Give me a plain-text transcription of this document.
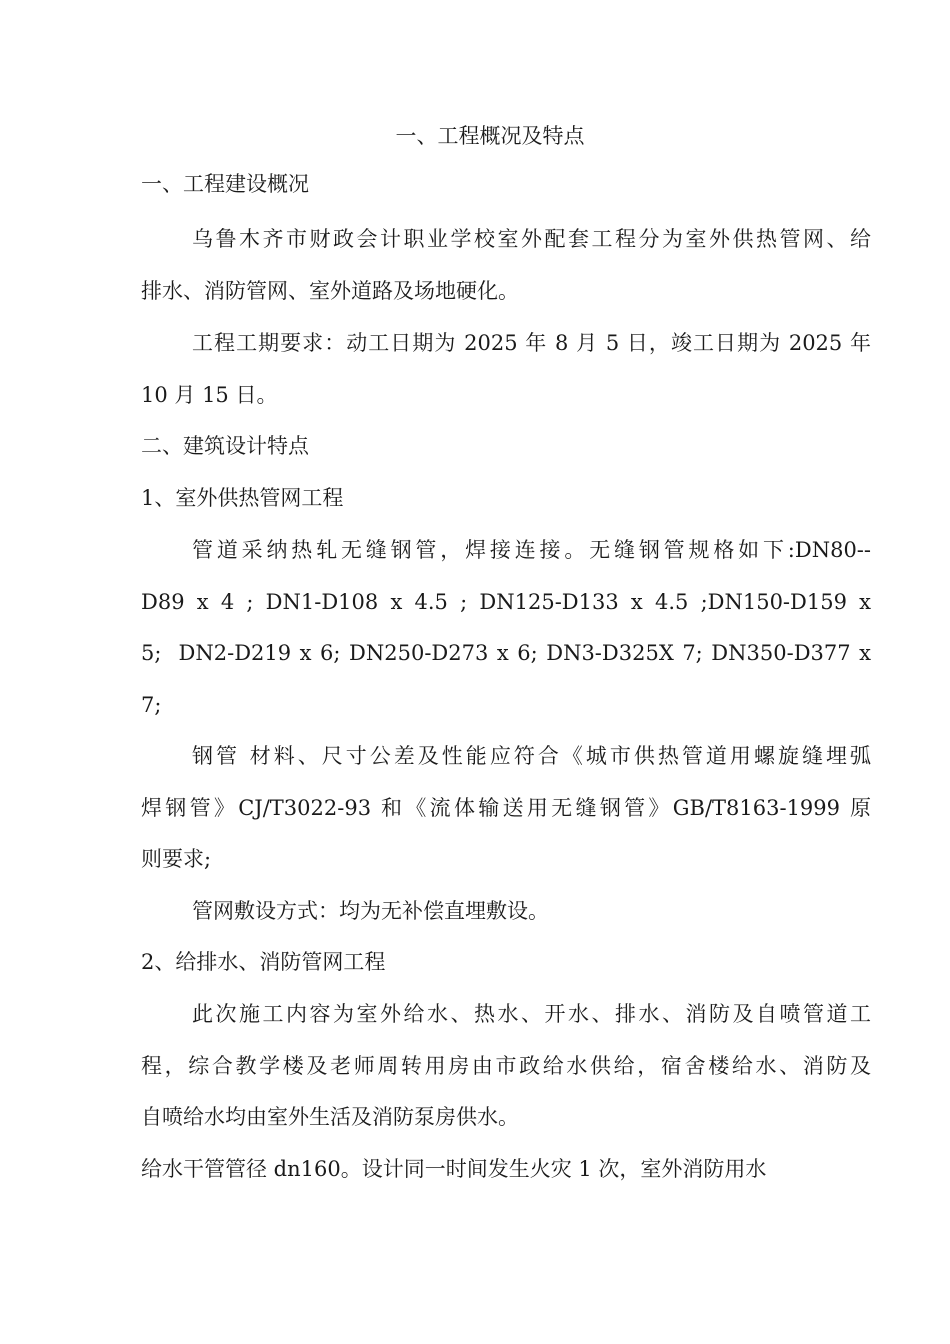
一、工程概况及特点
一、工程建设概况
乌鲁木齐市财政会计职业学校室外配套工程分为室外供热管网、给
排水、消防管网、室外道路及场地硬化。
工程工期要求：动工日期为 2025 年 8 月 5 日，竣工日期为 2025 年
10 月 15 日。
二、建筑设计特点
1、室外供热管网工程
管道采纳热轧无缝钢管，焊接连接。无缝钢管规格如下:DN80--
D89 x 4 ; DN1-D108 x 4.5 ; DN125-D133 x 4.5 ;DN150-D159 x
5;  DN2-D219 x 6; DN250-D273 x 6; DN3-D325X 7; DN350-D377 x
7;
钢管 材料、尺寸公差及性能应符合《城市供热管道用螺旋缝埋弧
焊钢管》CJ/T3022-93 和《流体输送用无缝钢管》GB/T8163-1999 原
则要求;
管网敷设方式：均为无补偿直埋敷设。
2、给排水、消防管网工程
此次施工内容为室外给水、热水、开水、排水、消防及自喷管道工
程，综合教学楼及老师周转用房由市政给水供给，宿舍楼给水、消防及
自喷给水均由室外生活及消防泵房供水。
给水干管管径 dn160。设计同一时间发生火灾 1 次，室外消防用水
